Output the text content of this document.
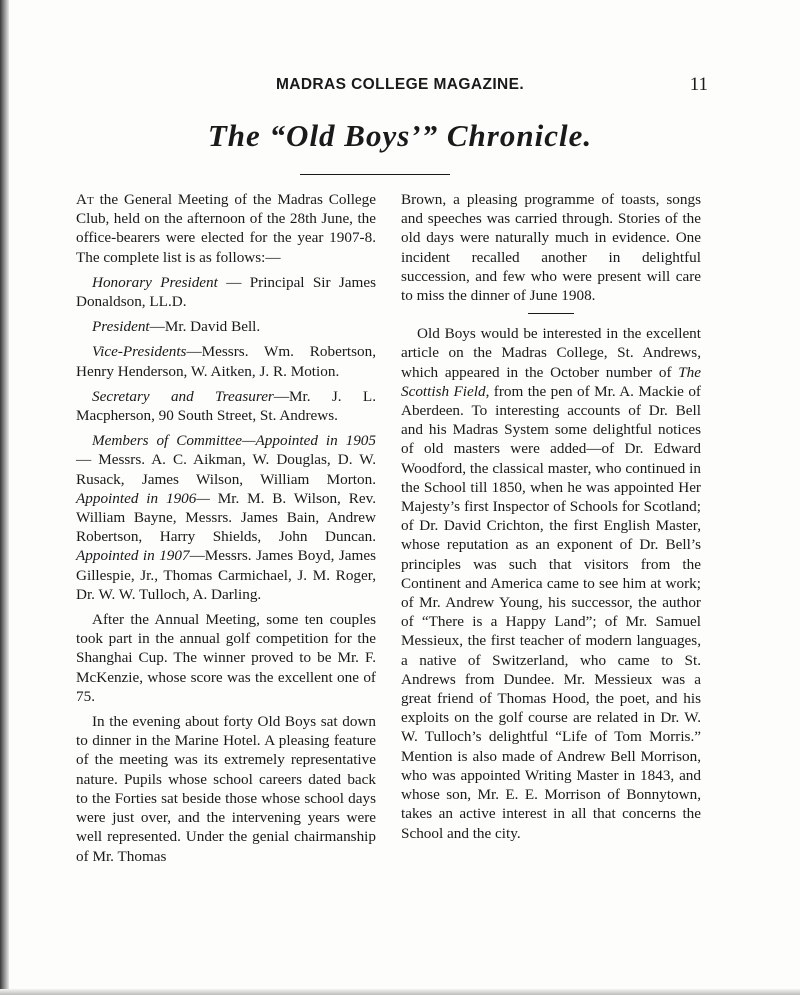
MADRAS COLLEGE MAGAZINE.	11
The “Old Boys’” Chronicle.

At the General Meeting of the Madras College Club, held on the afternoon of the 28th June, the office-bearers were elected for the year 1907-8. The complete list is as follows:—

Honorary President — Principal Sir James Donaldson, LL.D.

President—Mr. David Bell.

Vice-Presidents—Messrs. Wm. Robertson, Henry Henderson, W. Aitken, J. R. Motion.

Secretary and Treasurer—Mr. J. L. Macpherson, 90 South Street, St. Andrews.

Members of Committee—Appointed in 1905 — Messrs. A. C. Aikman, W. Douglas, D. W. Rusack, James Wilson, William Morton. Appointed in 1906— Mr. M. B. Wilson, Rev. William Bayne, Messrs. James Bain, Andrew Robertson, Harry Shields, John Duncan. Appointed in 1907—Messrs. James Boyd, James Gillespie, Jr., Thomas Carmichael, J. M. Roger, Dr. W. W. Tulloch, A. Darling.

After the Annual Meeting, some ten couples took part in the annual golf competition for the Shanghai Cup. The winner proved to be Mr. F. McKenzie, whose score was the excellent one of 75.

In the evening about forty Old Boys sat down to dinner in the Marine Hotel. A pleasing feature of the meeting was its extremely representative nature. Pupils whose school careers dated back to the Forties sat beside those whose school days were just over, and the intervening years were well represented. Under the genial chairmanship of Mr. Thomas

Brown, a pleasing programme of toasts, songs and speeches was carried through. Stories of the old days were naturally much in evidence. One incident recalled another in delightful succession, and few who were present will care to miss the dinner of June 1908.

Old Boys would be interested in the excellent article on the Madras College, St. Andrews, which appeared in the October number of The Scottish Field, from the pen of Mr. A. Mackie of Aberdeen. To interesting accounts of Dr. Bell and his Madras System some delightful notices of old masters were added—of Dr. Edward Woodford, the classical master, who continued in the School till 1850, when he was appointed Her Majesty’s first Inspector of Schools for Scotland; of Dr. David Crichton, the first English Master, whose reputation as an exponent of Dr. Bell’s principles was such that visitors from the Continent and America came to see him at work; of Mr. Andrew Young, his successor, the author of “There is a Happy Land”; of Mr. Samuel Messieux, the first teacher of modern languages, a native of Switzerland, who came to St. Andrews from Dundee. Mr. Messieux was a great friend of Thomas Hood, the poet, and his exploits on the golf course are related in Dr. W. W. Tulloch’s delightful “Life of Tom Morris.” Mention is also made of Andrew Bell Morrison, who was appointed Writing Master in 1843, and whose son, Mr. E. E. Morrison of Bonnytown, takes an active interest in all that concerns the School and the city.
